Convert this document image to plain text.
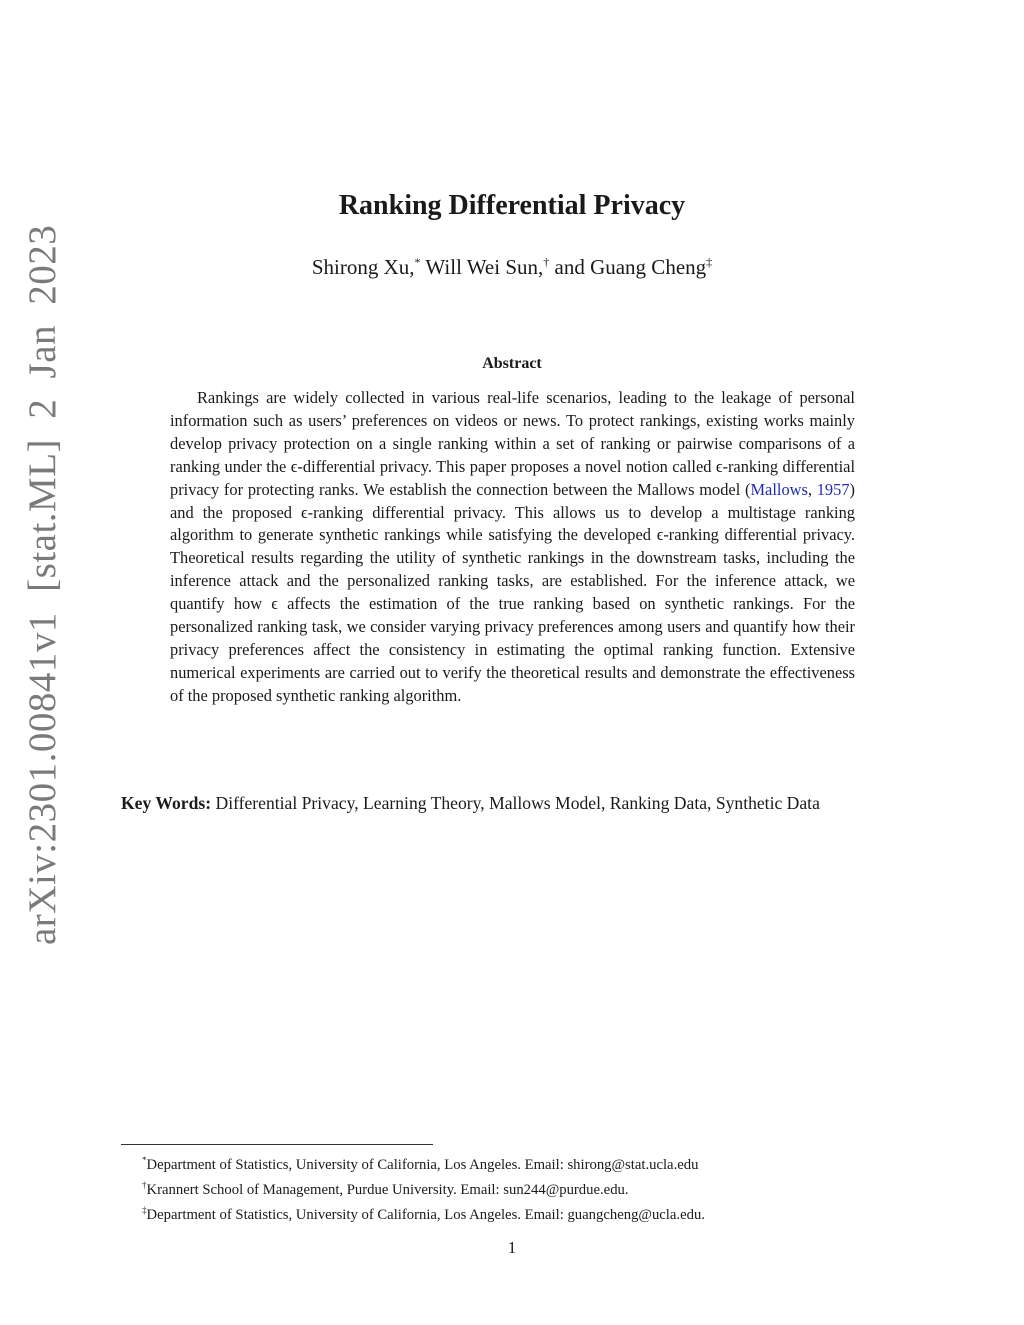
arXiv:2301.00841v1 [stat.ML] 2 Jan 2023
Ranking Differential Privacy
Shirong Xu,* Will Wei Sun,† and Guang Cheng‡
Abstract

Rankings are widely collected in various real-life scenarios, leading to the leakage of personal information such as users’ preferences on videos or news. To protect rankings, existing works mainly develop privacy protection on a single ranking within a set of ranking or pairwise comparisons of a ranking under the ϵ-differential privacy. This paper proposes a novel notion called ϵ-ranking differential privacy for protecting ranks. We establish the connection between the Mallows model (Mallows, 1957) and the proposed ϵ-ranking differential privacy. This allows us to develop a multistage ranking algorithm to generate synthetic rankings while satisfying the developed ϵ-ranking differential privacy. Theoretical results regarding the utility of synthetic rankings in the downstream tasks, including the inference attack and the personalized ranking tasks, are established. For the inference attack, we quantify how ϵ affects the estimation of the true ranking based on synthetic rankings. For the personalized ranking task, we consider varying privacy preferences among users and quantify how their privacy preferences affect the consistency in estimating the optimal ranking function. Extensive numerical experiments are carried out to verify the theoretical results and demonstrate the effectiveness of the proposed synthetic ranking algorithm.

Key Words: Differential Privacy, Learning Theory, Mallows Model, Ranking Data, Synthetic Data

*Department of Statistics, University of California, Los Angeles. Email: shirong@stat.ucla.edu
†Krannert School of Management, Purdue University. Email: sun244@purdue.edu.
‡Department of Statistics, University of California, Los Angeles. Email: guangcheng@ucla.edu.
1
